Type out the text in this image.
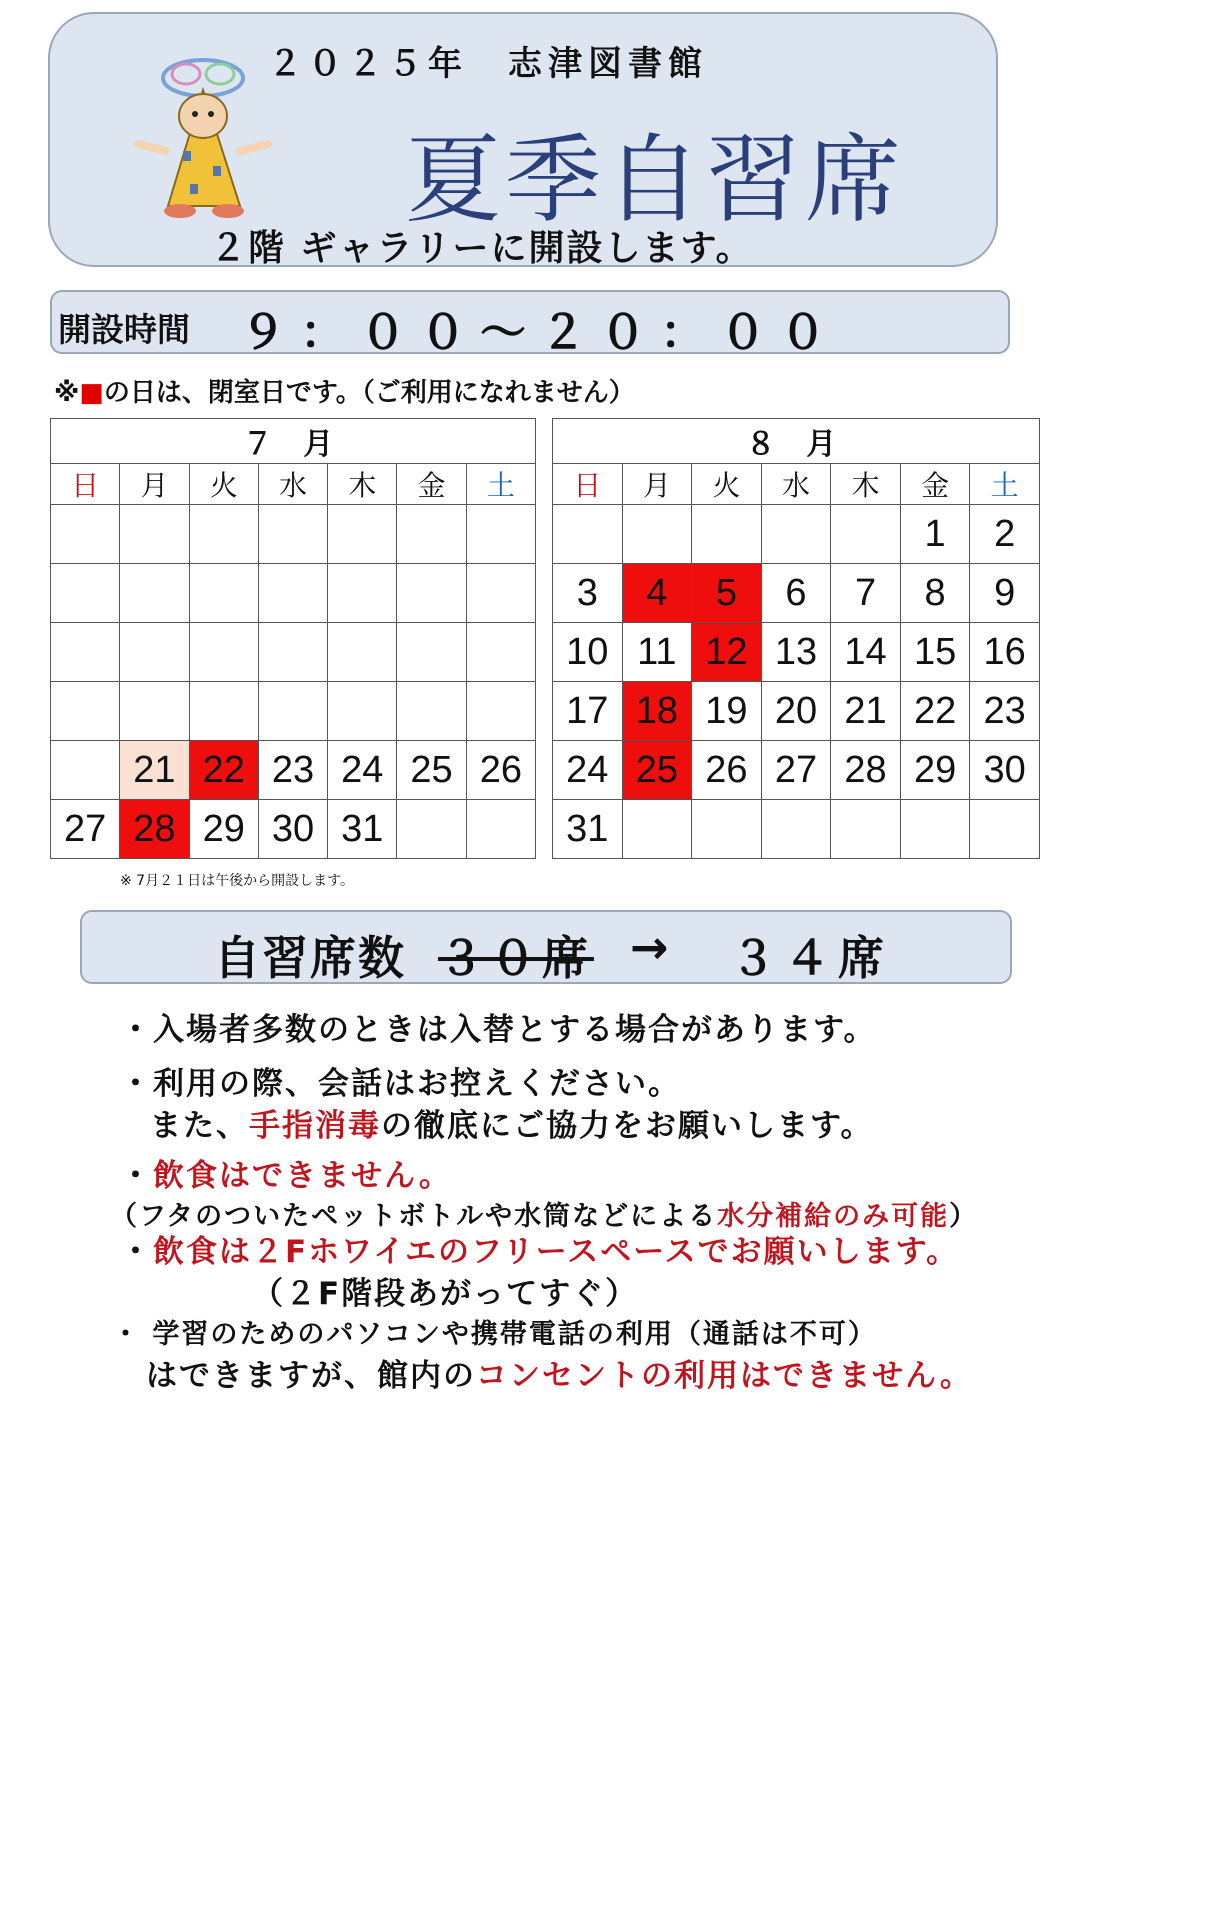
２０２５年 志津図書館
夏季自習席
２階 ギャラリーに開設します。
開設時間 ９：００～２０：００
※■の日は、閉室日です。（ご利用になれません）
７ 月						
日	月	火	水	木	金	土

	21	22	23	24	25	26
27	28	29	30	31		
８ 月						
日	月	火	水	木	金	土
					1	2
3	4	5	6	7	8	9
10	11	12	13	14	15	16
17	18	19	20	21	22	23
24	25	26	27	28	29	30
31						
※ 7月２１日は午後から開設します。
自習席数 ３０席 → ３４席
・入場者多数のときは入替とする場合があります。
・利用の際、会話はお控えください。
また、手指消毒の徹底にご協力をお願いします。
・飲食はできません。
（フタのついたペットボトルや水筒などによる水分補給のみ可能）
・飲食は２Fホワイエのフリースペースでお願いします。
（２F階段あがってすぐ）
・ 学習のためのパソコンや携帯電話の利用（通話は不可）
はできますが、館内のコンセントの利用はできません。
